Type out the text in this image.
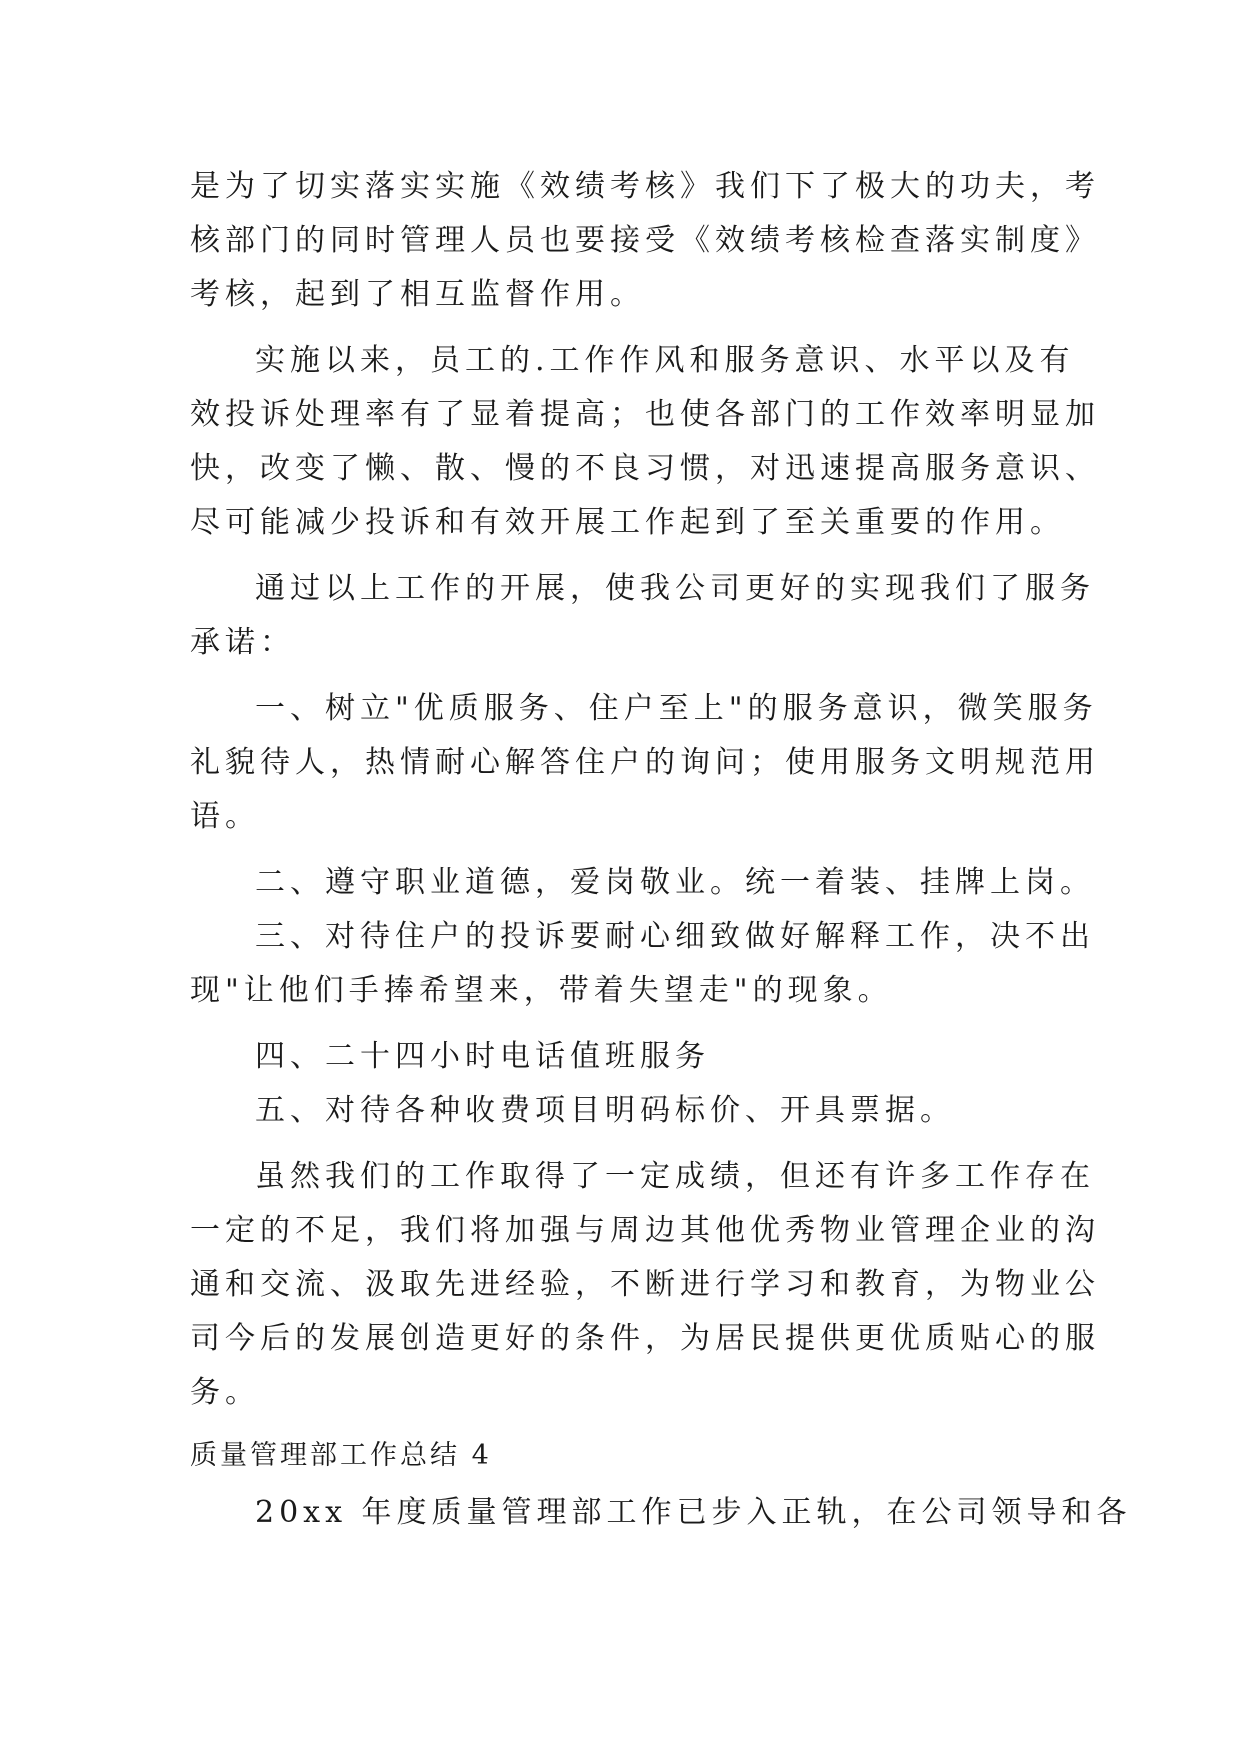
是为了切实落实实施《效绩考核》我们下了极大的功夫，考
核部门的同时管理人员也要接受《效绩考核检查落实制度》
考核，起到了相互监督作用。
实施以来，员工的.工作作风和服务意识、水平以及有
效投诉处理率有了显着提高；也使各部门的工作效率明显加
快，改变了懒、散、慢的不良习惯，对迅速提高服务意识、
尽可能减少投诉和有效开展工作起到了至关重要的作用。
通过以上工作的开展，使我公司更好的实现我们了服务
承诺：
一、树立"优质服务、住户至上"的服务意识，微笑服务
礼貌待人，热情耐心解答住户的询问；使用服务文明规范用
语。
二、遵守职业道德，爱岗敬业。统一着装、挂牌上岗。
三、对待住户的投诉要耐心细致做好解释工作，决不出
现"让他们手捧希望来，带着失望走"的现象。
四、二十四小时电话值班服务
五、对待各种收费项目明码标价、开具票据。
虽然我们的工作取得了一定成绩，但还有许多工作存在
一定的不足，我们将加强与周边其他优秀物业管理企业的沟
通和交流、汲取先进经验，不断进行学习和教育，为物业公
司今后的发展创造更好的条件，为居民提供更优质贴心的服
务。
质量管理部工作总结 4
20xx 年度质量管理部工作已步入正轨，在公司领导和各
